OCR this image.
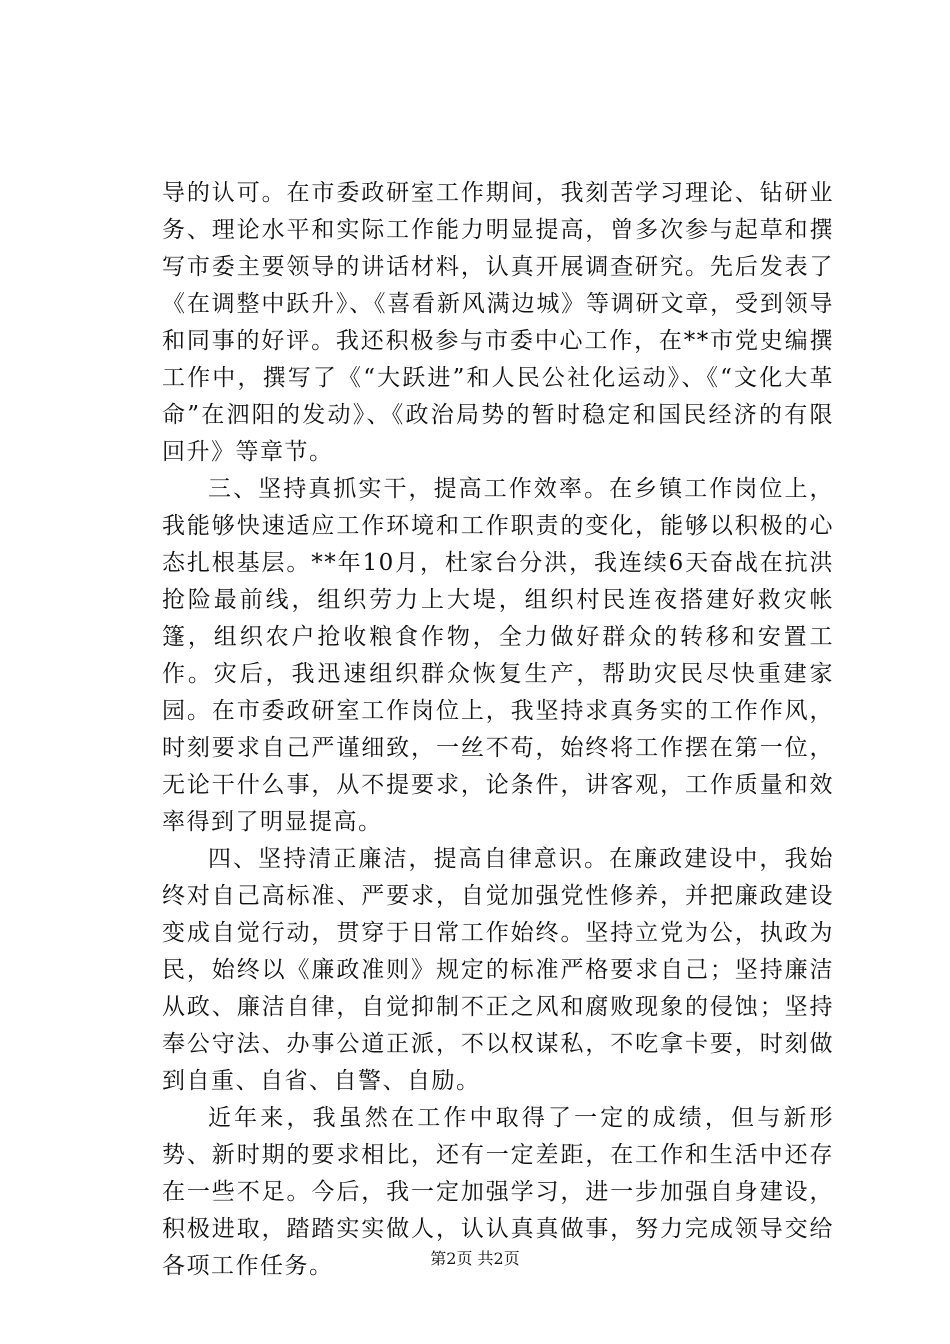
导的认可。在市委政研室工作期间，我刻苦学习理论、钻研业务、理论水平和实际工作能力明显提高，曾多次参与起草和撰写市委主要领导的讲话材料，认真开展调查研究。先后发表了《在调整中跃升》、《喜看新风满边城》等调研文章，受到领导和同事的好评。我还积极参与市委中心工作，在**市党史编撰工作中，撰写了《“大跃进”和人民公社化运动》、《“文化大革命”在泗阳的发动》、《政治局势的暂时稳定和国民经济的有限回升》等章节。

三、坚持真抓实干，提高工作效率。在乡镇工作岗位上，我能够快速适应工作环境和工作职责的变化，能够以积极的心态扎根基层。**年10月，杜家台分洪，我连续6天奋战在抗洪抢险最前线，组织劳力上大堤，组织村民连夜搭建好救灾帐篷，组织农户抢收粮食作物，全力做好群众的转移和安置工作。灾后，我迅速组织群众恢复生产，帮助灾民尽快重建家园。在市委政研室工作岗位上，我坚持求真务实的工作作风，时刻要求自己严谨细致，一丝不苟，始终将工作摆在第一位，无论干什么事，从不提要求，论条件，讲客观，工作质量和效率得到了明显提高。

四、坚持清正廉洁，提高自律意识。在廉政建设中，我始终对自己高标准、严要求，自觉加强党性修养，并把廉政建设变成自觉行动，贯穿于日常工作始终。坚持立党为公，执政为民，始终以《廉政准则》规定的标准严格要求自己；坚持廉洁从政、廉洁自律，自觉抑制不正之风和腐败现象的侵蚀；坚持奉公守法、办事公道正派，不以权谋私，不吃拿卡要，时刻做到自重、自省、自警、自励。

近年来，我虽然在工作中取得了一定的成绩，但与新形势、新时期的要求相比，还有一定差距，在工作和生活中还存在一些不足。今后，我一定加强学习，进一步加强自身建设，积极进取，踏踏实实做人，认认真真做事，努力完成领导交给各项工作任务。	第2页 共2页
